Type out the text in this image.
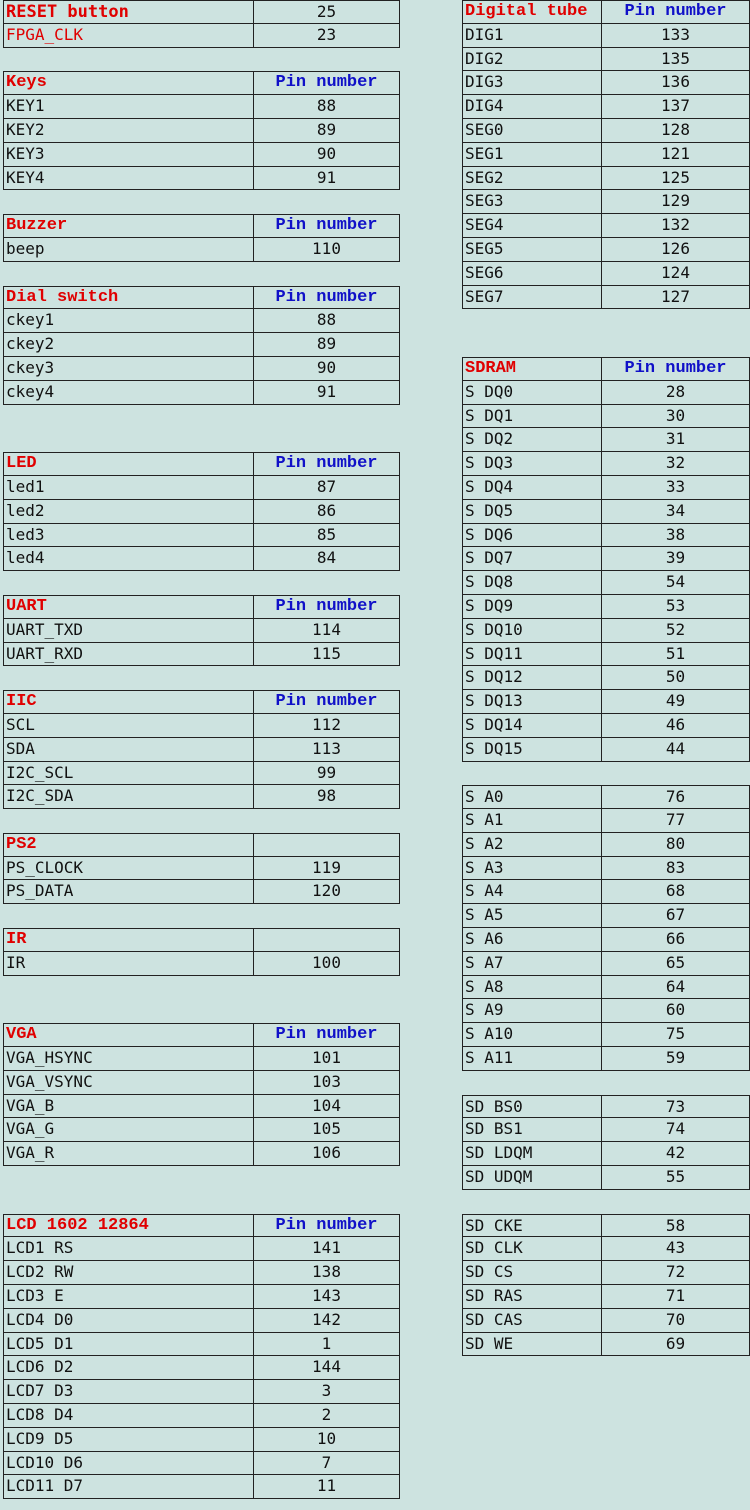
RESET button	25
FPGA_CLK	23
Keys	Pin number
KEY1	88
KEY2	89
KEY3	90
KEY4	91
Buzzer	Pin number
beep	110
Dial switch	Pin number
ckey1	88
ckey2	89
ckey3	90
ckey4	91
LED	Pin number
led1	87
led2	86
led3	85
led4	84
UART	Pin number
UART_TXD	114
UART_RXD	115
IIC	Pin number
SCL	112
SDA	113
I2C_SCL	99
I2C_SDA	98
PS2
PS_CLOCK	119
PS_DATA	120
IR
IR	100
VGA	Pin number
VGA_HSYNC	101
VGA_VSYNC	103
VGA_B	104
VGA_G	105
VGA_R	106
LCD 1602 12864	Pin number
LCD1 RS	141
LCD2 RW	138
LCD3 E	143
LCD4 D0	142
LCD5 D1	1
LCD6 D2	144
LCD7 D3	3
LCD8 D4	2
LCD9 D5	10
LCD10 D6	7
LCD11 D7	11
Digital tube	Pin number
DIG1	133
DIG2	135
DIG3	136
DIG4	137
SEG0	128
SEG1	121
SEG2	125
SEG3	129
SEG4	132
SEG5	126
SEG6	124
SEG7	127
SDRAM	Pin number
S DQ0	28
S DQ1	30
S DQ2	31
S DQ3	32
S DQ4	33
S DQ5	34
S DQ6	38
S DQ7	39
S DQ8	54
S DQ9	53
S DQ10	52
S DQ11	51
S DQ12	50
S DQ13	49
S DQ14	46
S DQ15	44
S A0	76
S A1	77
S A2	80
S A3	83
S A4	68
S A5	67
S A6	66
S A7	65
S A8	64
S A9	60
S A10	75
S A11	59
SD BS0	73
SD BS1	74
SD LDQM	42
SD UDQM	55
SD CKE	58
SD CLK	43
SD CS	72
SD RAS	71
SD CAS	70
SD WE	69
